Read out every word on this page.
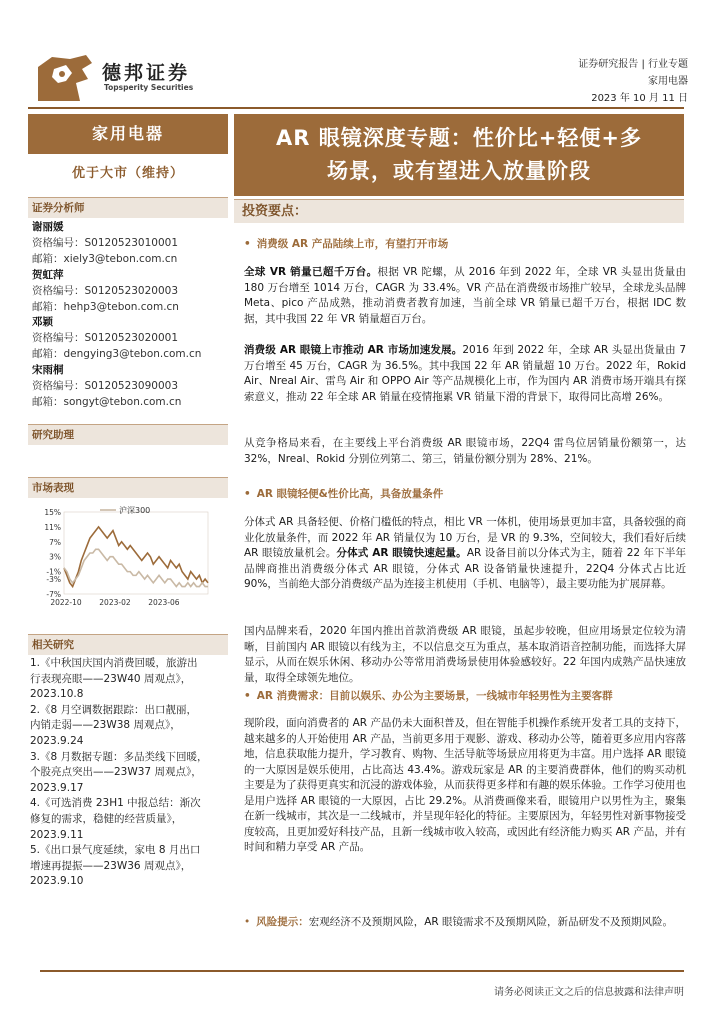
德邦证券
Topsperity Securities
证券研究报告 | 行业专题
家用电器
2023 年 10 月 11 日
家用电器
优于大市（维持）
证券分析师
谢丽媛
资格编号：S0120523010001
邮箱：xiely3@tebon.com.cn
贺虹萍
资格编号：S0120523020003
邮箱：hehp3@tebon.com.cn
邓颖
资格编号：S0120523020001
邮箱：dengying3@tebon.com.cn
宋雨桐
资格编号：S0120523090003
邮箱：songyt@tebon.com.cn
研究助理
市场表现
15%
11%
7%
3%
-1%
-3%
-7%
2022-10 2023-02 2023-06
沪深300
相关研究
1.《中秋国庆国内消费回暖，旅游出
行表现亮眼——23W40 周观点》，
2023.10.8
2.《8 月空调数据跟踪：出口靓丽，
内销走弱——23W38 周观点》，
2023.9.24
3.《8 月数据专题：多品类线下回暖，
个股亮点突出——23W37 周观点》，
2023.9.17
4.《可选消费 23H1 中报总结：渐次
修复的需求，稳健的经营质量》，
2023.9.11
5.《出口景气度延续，家电 8 月出口
增速再提振——23W36 周观点》，
2023.9.10
AR 眼镜深度专题：性价比+轻便+多
场景，或有望进入放量阶段
投资要点：
• 消费级 AR 产品陆续上市，有望打开市场
全球 VR 销量已超千万台。根据 VR 陀螺，从 2016 年到 2022 年，全球 VR 头显出货量由 180 万台增至 1014 万台，CAGR 为 33.4%。VR 产品在消费级市场推广较早，全球龙头品牌 Meta、pico 产品成熟，推动消费者教育加速，当前全球 VR 销量已超千万台，根据 IDC 数据，其中我国 22 年 VR 销量超百万台。
消费级 AR 眼镜上市推动 AR 市场加速发展。2016 年到 2022 年，全球 AR 头显出货量由 7 万台增至 45 万台，CAGR 为 36.5%。其中我国 22 年 AR 销量超 10 万台。2022 年，Rokid Air、Nreal Air、雷鸟 Air 和 OPPO Air 等产品规模化上市，作为国内 AR 消费市场开端具有探索意义，推动 22 年全球 AR 销量在疫情拖累 VR 销量下滑的背景下，取得同比高增 26%。
从竞争格局来看，在主要线上平台消费级 AR 眼镜市场，22Q4 雷鸟位居销量份额第一，达 32%，Nreal、Rokid 分别位列第二、第三，销量份额分别为 28%、21%。
• AR 眼镜轻便&性价比高，具备放量条件
分体式 AR 具备轻便、价格门槛低的特点，相比 VR 一体机，使用场景更加丰富，具备较强的商业化放量条件，而 2022 年 AR 销量仅为 10 万台，是 VR 的 9.3%，空间较大，我们看好后续 AR 眼镜放量机会。分体式 AR 眼镜快速起量。AR 设备目前以分体式为主，随着 22 年下半年品牌商推出消费级分体式 AR 眼镜，分体式 AR 设备销量快速提升，22Q4 分体式占比近 90%，当前绝大部分消费级产品为连接主机使用（手机、电脑等），最主要功能为扩展屏幕。
国内品牌来看，2020 年国内推出首款消费级 AR 眼镜，虽起步较晚，但应用场景定位较为清晰，目前国内 AR 眼镜以有线为主，不以信息交互为重点，基本取消语音控制功能，而选择大屏显示，从而在娱乐休闲、移动办公等常用消费场景使用体验感较好。22 年国内成熟产品快速放量，取得全球领先地位。
• AR 消费需求：目前以娱乐、办公为主要场景，一线城市年轻男性为主要客群
现阶段，面向消费者的 AR 产品仍未大面积普及，但在智能手机操作系统开发者工具的支持下，越来越多的人开始使用 AR 产品，当前更多用于观影、游戏、移动办公等，随着更多应用内容落地，信息获取能力提升，学习教育、购物、生活导航等场景应用将更为丰富。用户选择 AR 眼镜的一大原因是娱乐使用，占比高达 43.4%。游戏玩家是 AR 的主要消费群体，他们的购买动机主要是为了获得更真实和沉浸的游戏体验，从而获得更多样和有趣的娱乐体验。工作学习使用也是用户选择 AR 眼镜的一大原因，占比 29.2%。从消费画像来看，眼镜用户以男性为主，聚集在新一线城市，其次是一二线城市，并呈现年轻化的特征。主要原因为，年轻男性对新事物接受度较高，且更加爱好科技产品，且新一线城市收入较高，或因此有经济能力购买 AR 产品，并有时间和精力享受 AR 产品。
• 风险提示：宏观经济不及预期风险，AR 眼镜需求不及预期风险，新品研发不及预期风险。
请务必阅读正文之后的信息披露和法律声明
